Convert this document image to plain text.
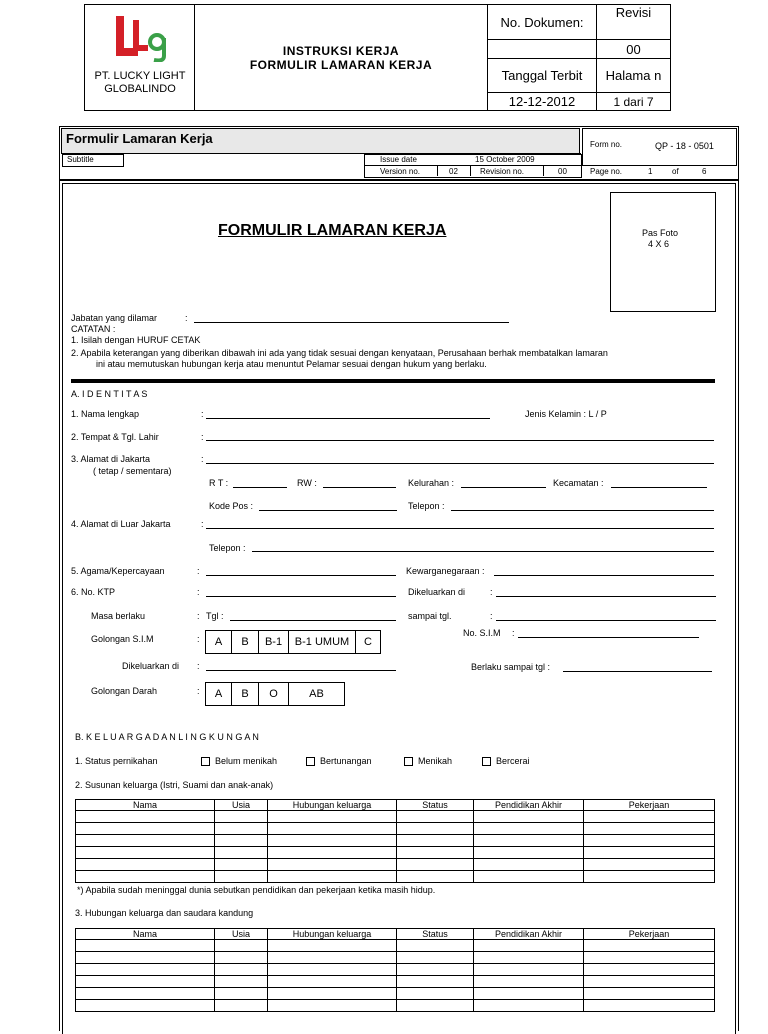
PT. LUCKY LIGHT GLOBALINDO	INSTRUKSI KERJA
FORMULIR LAMARAN KERJA	No. Dokumen:	Revisi
			00
		Tanggal Terbit	Halama n
		12-12-2012	1 dari 7
Formulir Lamaran Kerja	Form no.	QP - 18 - 0501
Subtitle	Issue date	15 October 2009
Version no.	02	Revision no.	00	Page no.	1 of	6
FORMULIR LAMARAN KERJA	Pas Foto
4 X 6
Jabatan yang dilamar	:
CATATAN :
1. Isilah dengan HURUF CETAK
2. Apabila keterangan yang diberikan dibawah ini ada yang tidak sesuai dengan kenyataan, Perusahaan berhak membatalkan lamaran
ini atau memutuskan hubungan kerja atau menuntut Pelamar sesuai dengan hukum yang berlaku.
A. I D E N T I T A S
1. Nama lengkap	:	Jenis Kelamin : L / P
2. Tempat & Tgl. Lahir	:
3. Alamat di Jakarta
( tetap / sementara)
:
R T :	RW :	Kelurahan :	Kecamatan :
Kode Pos :	Telepon :
4. Alamat di Luar Jakarta	:
Telepon :
5. Agama/Kepercayaan	:	Kewarganegaraan :
6. No. KTP	:	Dikeluarkan di	:
Masa berlaku	: Tgl :	sampai tgl.	:
Golongan S.I.M	:	A	B	B-1	B-1 UMUM	C
No. S.I.M :
Dikeluarkan di :	Berlaku sampai tgl :
Golongan Darah	:	A	B	O	AB
B. K E L U A R G A D A N L I N G K U N G A N
1. Status pernikahan	Belum menikah	Bertunangan	Menikah	Bercerai
2. Susunan keluarga (Istri, Suami dan anak-anak)
Nama	Usia	Hubungan keluarga	Status	Pendidikan Akhir	Pekerjaan

*) Apabila sudah meninggal dunia sebutkan pendidikan dan pekerjaan ketika masih hidup.
3. Hubungan keluarga dan saudara kandung
Nama	Usia	Hubungan keluarga	Status	Pendidikan Akhir	Pekerjaan
